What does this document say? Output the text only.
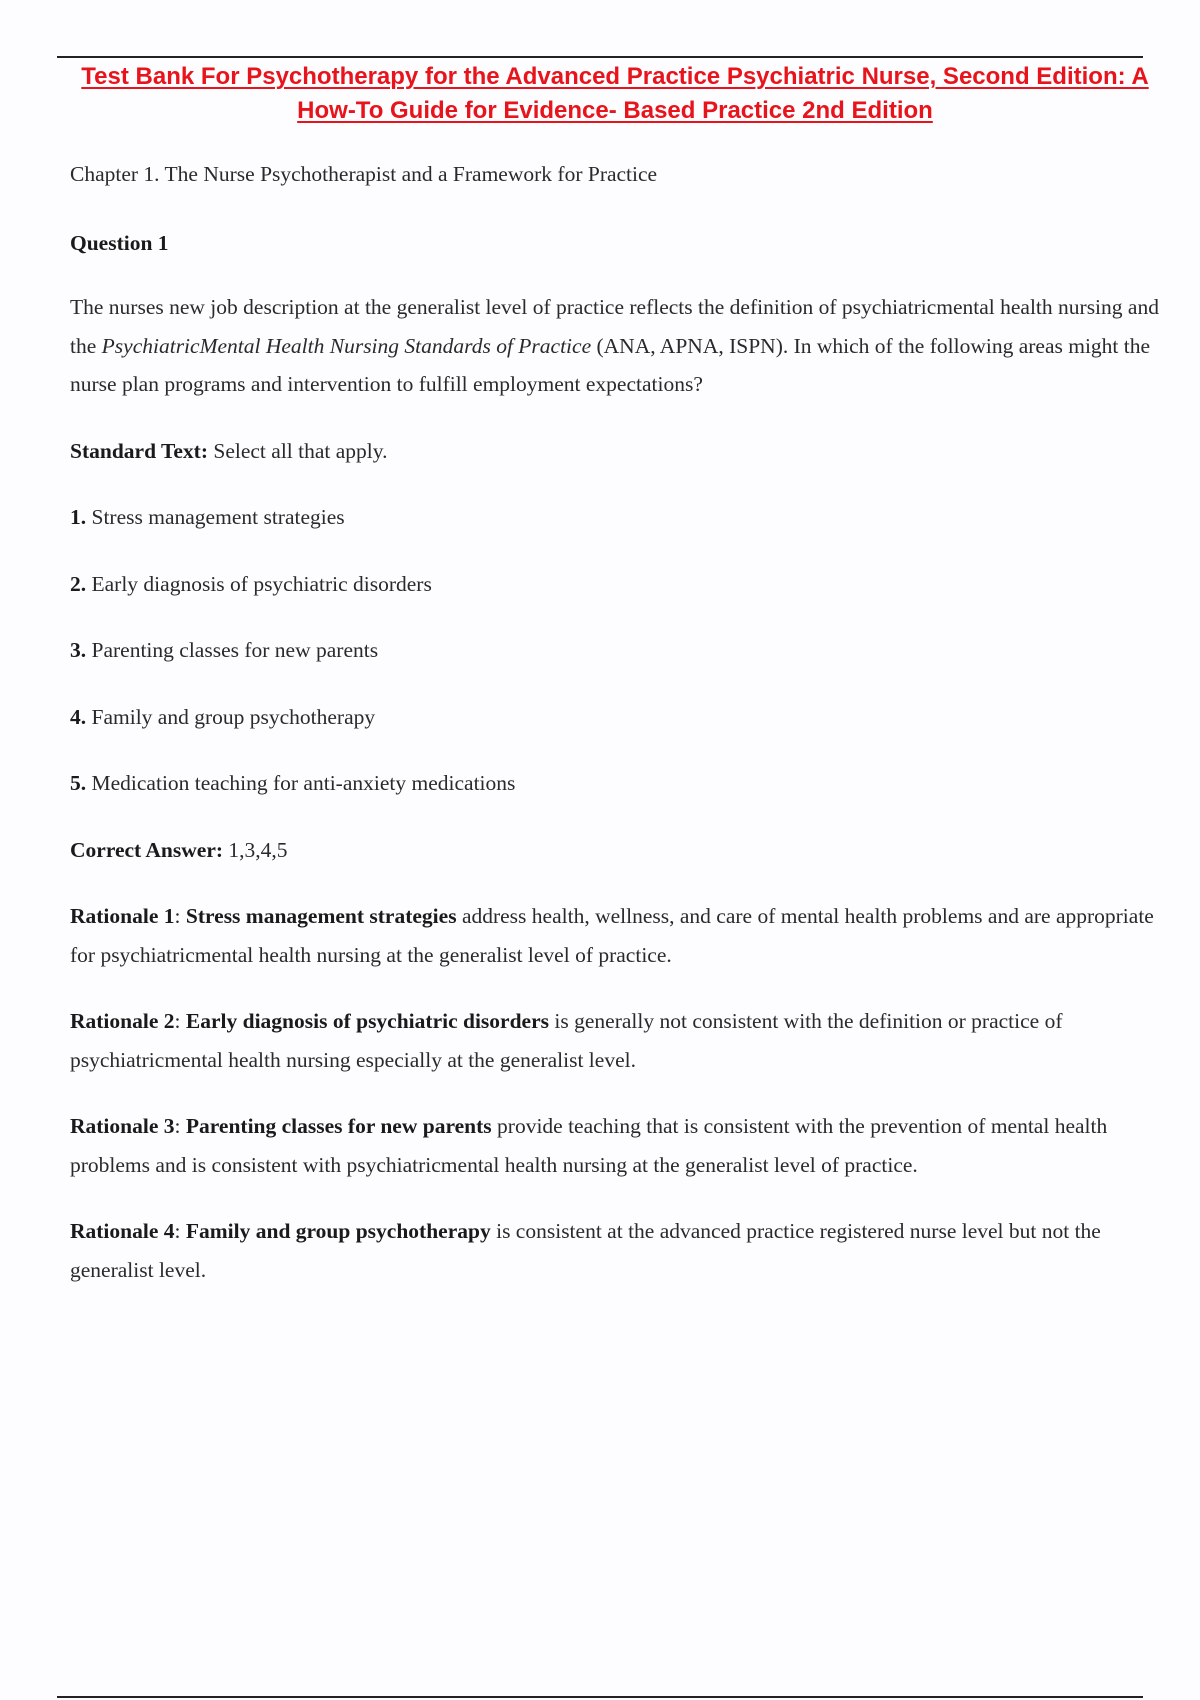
Test Bank For Psychotherapy for the Advanced Practice Psychiatric Nurse, Second Edition: A How-To Guide for Evidence- Based Practice 2nd Edition

Chapter 1. The Nurse Psychotherapist and a Framework for Practice

Question 1

The nurses new job description at the generalist level of practice reflects the definition of psychiatricmental health nursing and the PsychiatricMental Health Nursing Standards of Practice (ANA, APNA, ISPN). In which of the following areas might the nurse plan programs and intervention to fulfill employment expectations?

Standard Text: Select all that apply.

1. Stress management strategies

2. Early diagnosis of psychiatric disorders

3. Parenting classes for new parents

4. Family and group psychotherapy

5. Medication teaching for anti-anxiety medications

Correct Answer: 1,3,4,5

Rationale 1: Stress management strategies address health, wellness, and care of mental health problems and are appropriate for psychiatricmental health nursing at the generalist level of practice.

Rationale 2: Early diagnosis of psychiatric disorders is generally not consistent with the definition or practice of psychiatricmental health nursing especially at the generalist level.

Rationale 3: Parenting classes for new parents provide teaching that is consistent with the prevention of mental health problems and is consistent with psychiatricmental health nursing at the generalist level of practice.

Rationale 4: Family and group psychotherapy is consistent at the advanced practice registered nurse level but not the generalist level.
